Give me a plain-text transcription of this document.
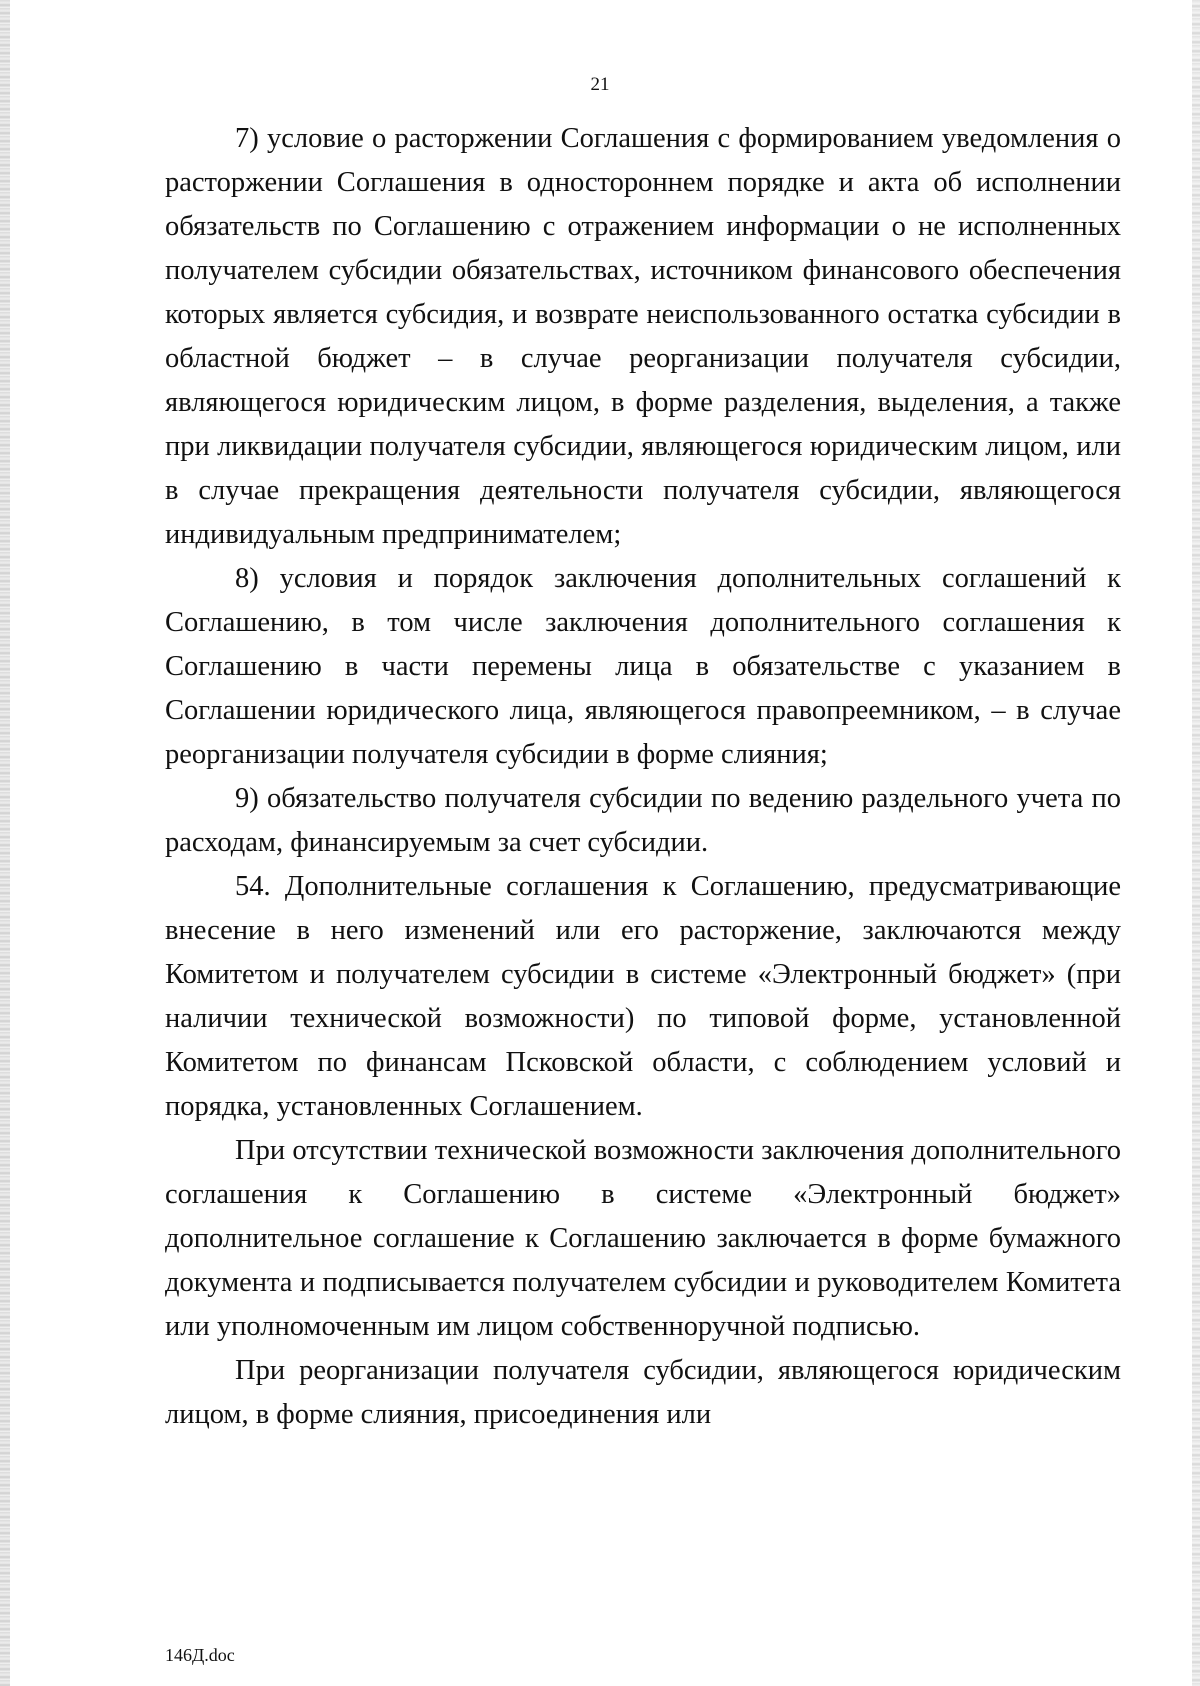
21

7) условие о расторжении Соглашения с формированием уведомления о расторжении Соглашения в одностороннем порядке и акта об исполнении обязательств по Соглашению с отражением информации о не исполненных получателем субсидии обязательствах, источником финансового обеспечения которых является субсидия, и возврате неиспользованного остатка субсидии в областной бюджет – в случае реорганизации получателя субсидии, являющегося юридическим лицом, в форме разделения, выделения, а также при ликвидации получателя субсидии, являющегося юридическим лицом, или в случае прекращения деятельности получателя субсидии, являющегося индивидуальным предпринимателем;

8) условия и порядок заключения дополнительных соглашений к Соглашению, в том числе заключения дополнительного соглашения к Соглашению в части перемены лица в обязательстве с указанием в Соглашении юридического лица, являющегося правопреемником, – в случае реорганизации получателя субсидии в форме слияния;

9) обязательство получателя субсидии по ведению раздельного учета по расходам, финансируемым за счет субсидии.

54. Дополнительные соглашения к Соглашению, предусматривающие внесение в него изменений или его расторжение, заключаются между Комитетом и получателем субсидии в системе «Электронный бюджет» (при наличии технической возможности) по типовой форме, установленной Комитетом по финансам Псковской области, с соблюдением условий и порядка, установленных Соглашением.

При отсутствии технической возможности заключения дополнительного соглашения к Соглашению в системе «Электронный бюджет» дополнительное соглашение к Соглашению заключается в форме бумажного документа и подписывается получателем субсидии и руководителем Комитета или уполномоченным им лицом собственноручной подписью.

При реорганизации получателя субсидии, являющегося юридическим лицом, в форме слияния, присоединения или

146Д.doc
